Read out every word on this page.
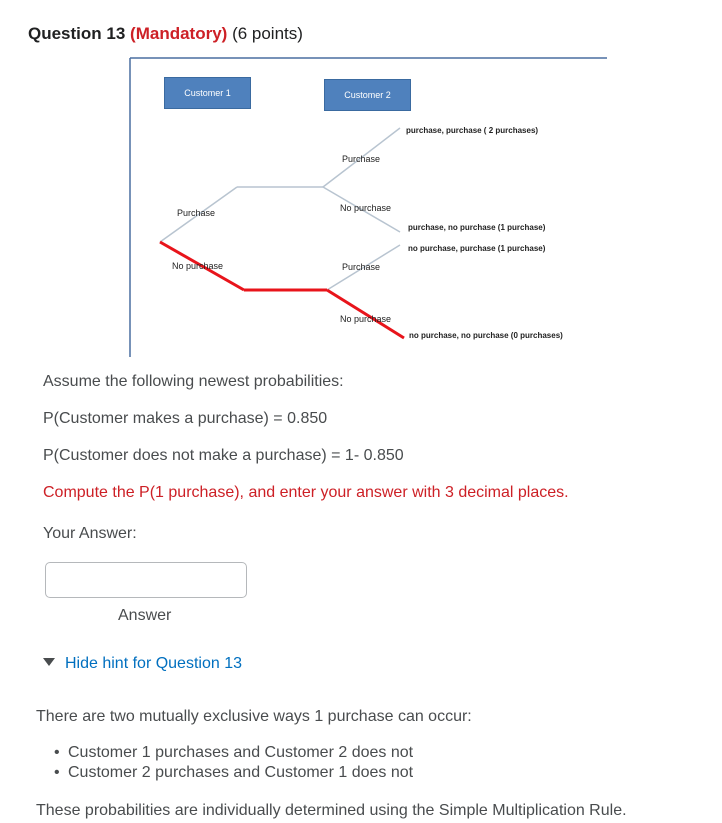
Question 13 (Mandatory) (6 points)
Customer 1	Customer 2
Purchase
No purchase
Purchase
No purchase
Purchase
No purchase
purchase, purchase ( 2 purchases)
purchase, no purchase (1 purchase)
no purchase, purchase (1 purchase)
no purchase, no purchase (0 purchases)
Assume the following newest probabilities:
P(Customer makes a purchase) = 0.850
P(Customer does not make a purchase) = 1- 0.850
Compute the P(1 purchase), and enter your answer with 3 decimal places.
Your Answer:
Answer
Hide hint for Question 13
There are two mutually exclusive ways 1 purchase can occur:
• Customer 1 purchases and Customer 2 does not
• Customer 2 purchases and Customer 1 does not
These probabilities are individually determined using the Simple Multiplication Rule.
